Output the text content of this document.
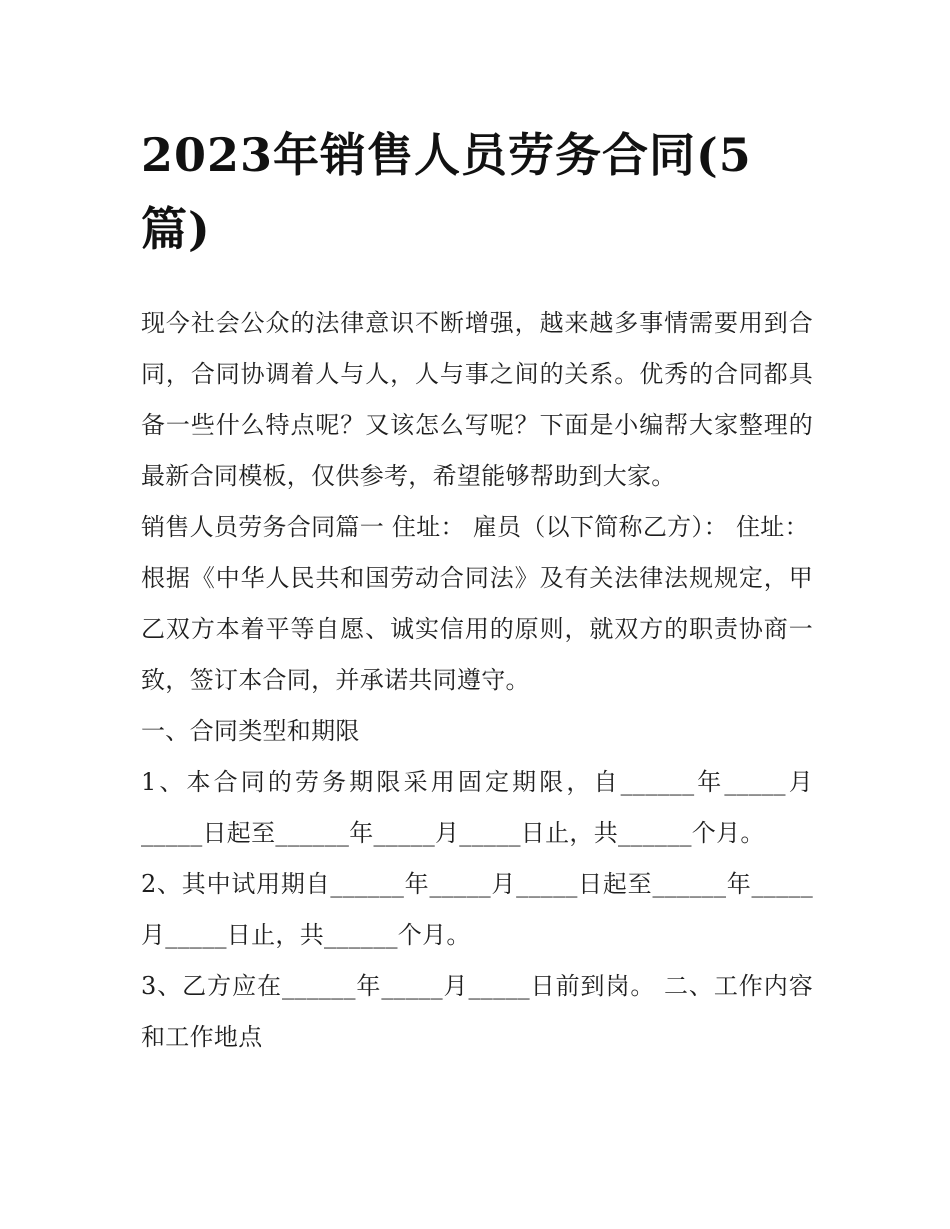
2023年销售人员劳务合同(5篇)

现今社会公众的法律意识不断增强，越来越多事情需要用到合同，合同协调着人与人，人与事之间的关系。优秀的合同都具备一些什么特点呢？又该怎么写呢？下面是小编帮大家整理的最新合同模板，仅供参考，希望能够帮助到大家。

销售人员劳务合同篇一 住址： 雇员（以下简称乙方）： 住址：

根据《中华人民共和国劳动合同法》及有关法律法规规定，甲乙双方本着平等自愿、诚实信用的原则，就双方的职责协商一致，签订本合同，并承诺共同遵守。

一、合同类型和期限

1、本合同的劳务期限采用固定期限，自______年_____月_____日起至______年_____月_____日止，共______个月。

2、其中试用期自______年_____月_____日起至______年_____月_____日止，共______个月。

3、乙方应在______年_____月_____日前到岗。 二、工作内容和工作地点
